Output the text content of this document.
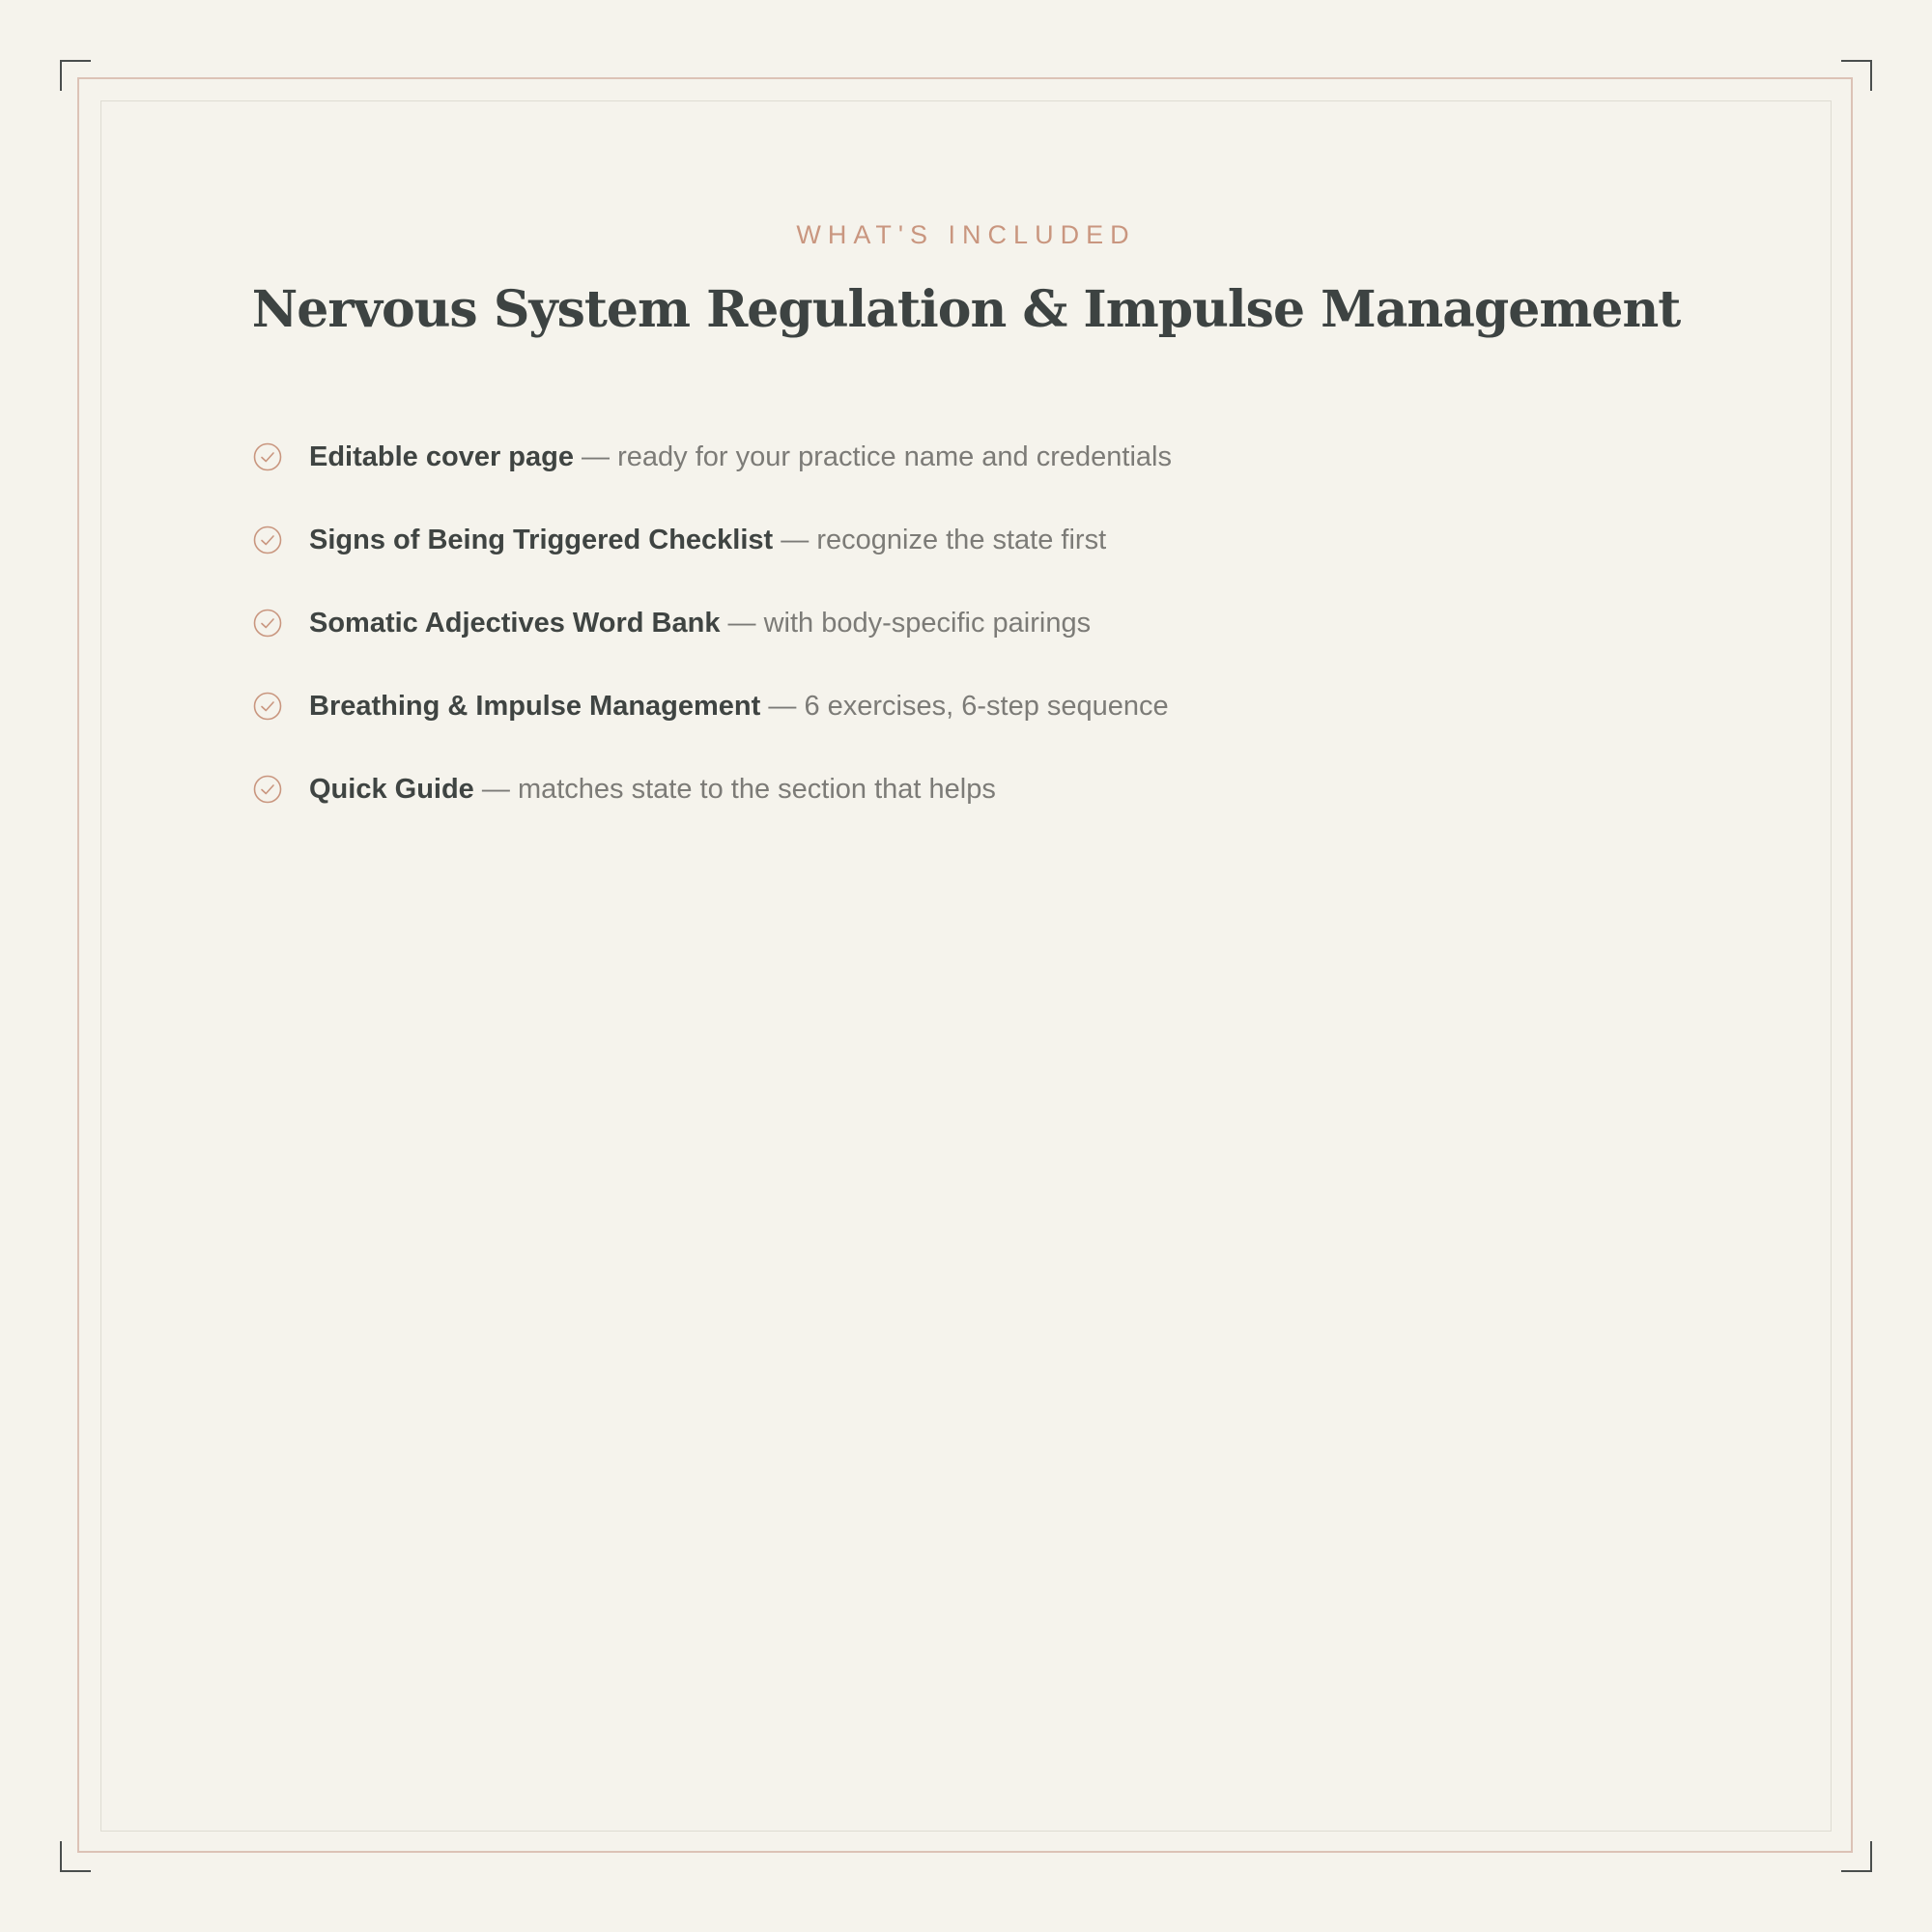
WHAT'S INCLUDED
Nervous System Regulation & Impulse Management
Editable cover page — ready for your practice name and credentials
Signs of Being Triggered Checklist — recognize the state first
Somatic Adjectives Word Bank — with body-specific pairings
Breathing & Impulse Management — 6 exercises, 6-step sequence
Quick Guide — matches state to the section that helps
